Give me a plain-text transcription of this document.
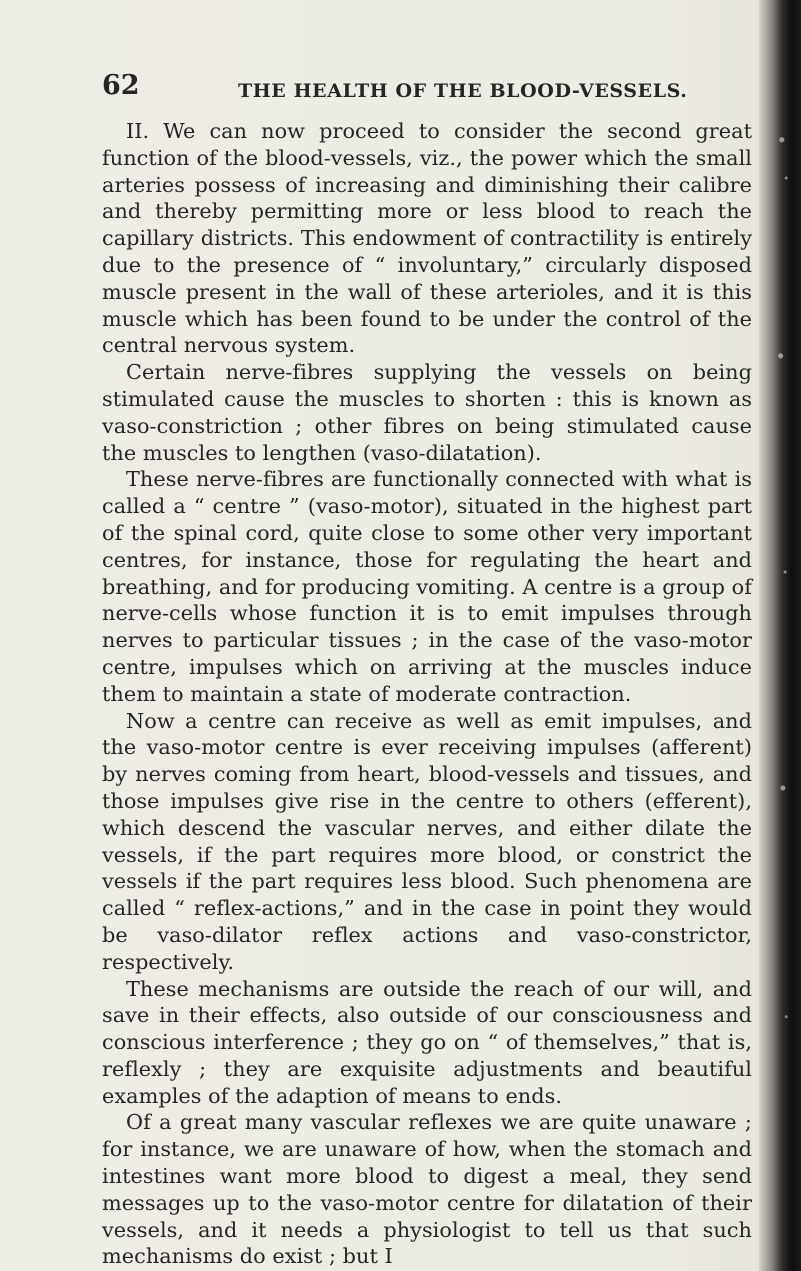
62	THE HEALTH OF THE BLOOD-VESSELS.

II. We can now proceed to consider the second great function of the blood-vessels, viz., the power which the small arteries possess of increasing and diminishing their calibre and thereby permitting more or less blood to reach the capillary districts. This endowment of contractility is entirely due to the presence of “ involuntary,” circularly disposed muscle present in the wall of these arterioles, and it is this muscle which has been found to be under the control of the central nervous system.

Certain nerve-fibres supplying the vessels on being stimulated cause the muscles to shorten : this is known as vaso-constriction ; other fibres on being stimulated cause the muscles to lengthen (vaso-dilatation).

These nerve-fibres are functionally connected with what is called a “ centre ” (vaso-motor), situated in the highest part of the spinal cord, quite close to some other very important centres, for instance, those for regulating the heart and breathing, and for producing vomiting. A centre is a group of nerve-cells whose function it is to emit impulses through nerves to particular tissues ; in the case of the vaso-motor centre, impulses which on arriving at the muscles induce them to maintain a state of moderate contraction.

Now a centre can receive as well as emit impulses, and the vaso-motor centre is ever receiving impulses (afferent) by nerves coming from heart, blood-vessels and tissues, and those impulses give rise in the centre to others (efferent), which descend the vascular nerves, and either dilate the vessels, if the part requires more blood, or constrict the vessels if the part requires less blood. Such phenomena are called “ reflex-actions,” and in the case in point they would be vaso-dilator reflex actions and vaso-constrictor, respectively.

These mechanisms are outside the reach of our will, and save in their effects, also outside of our consciousness and conscious interference ; they go on “ of themselves,” that is, reflexly ; they are exquisite adjustments and beautiful examples of the adaption of means to ends.

Of a great many vascular reflexes we are quite unaware ; for instance, we are unaware of how, when the stomach and intestines want more blood to digest a meal, they send messages up to the vaso-motor centre for dilatation of their vessels, and it needs a physiologist to tell us that such mechanisms do exist ; but I
